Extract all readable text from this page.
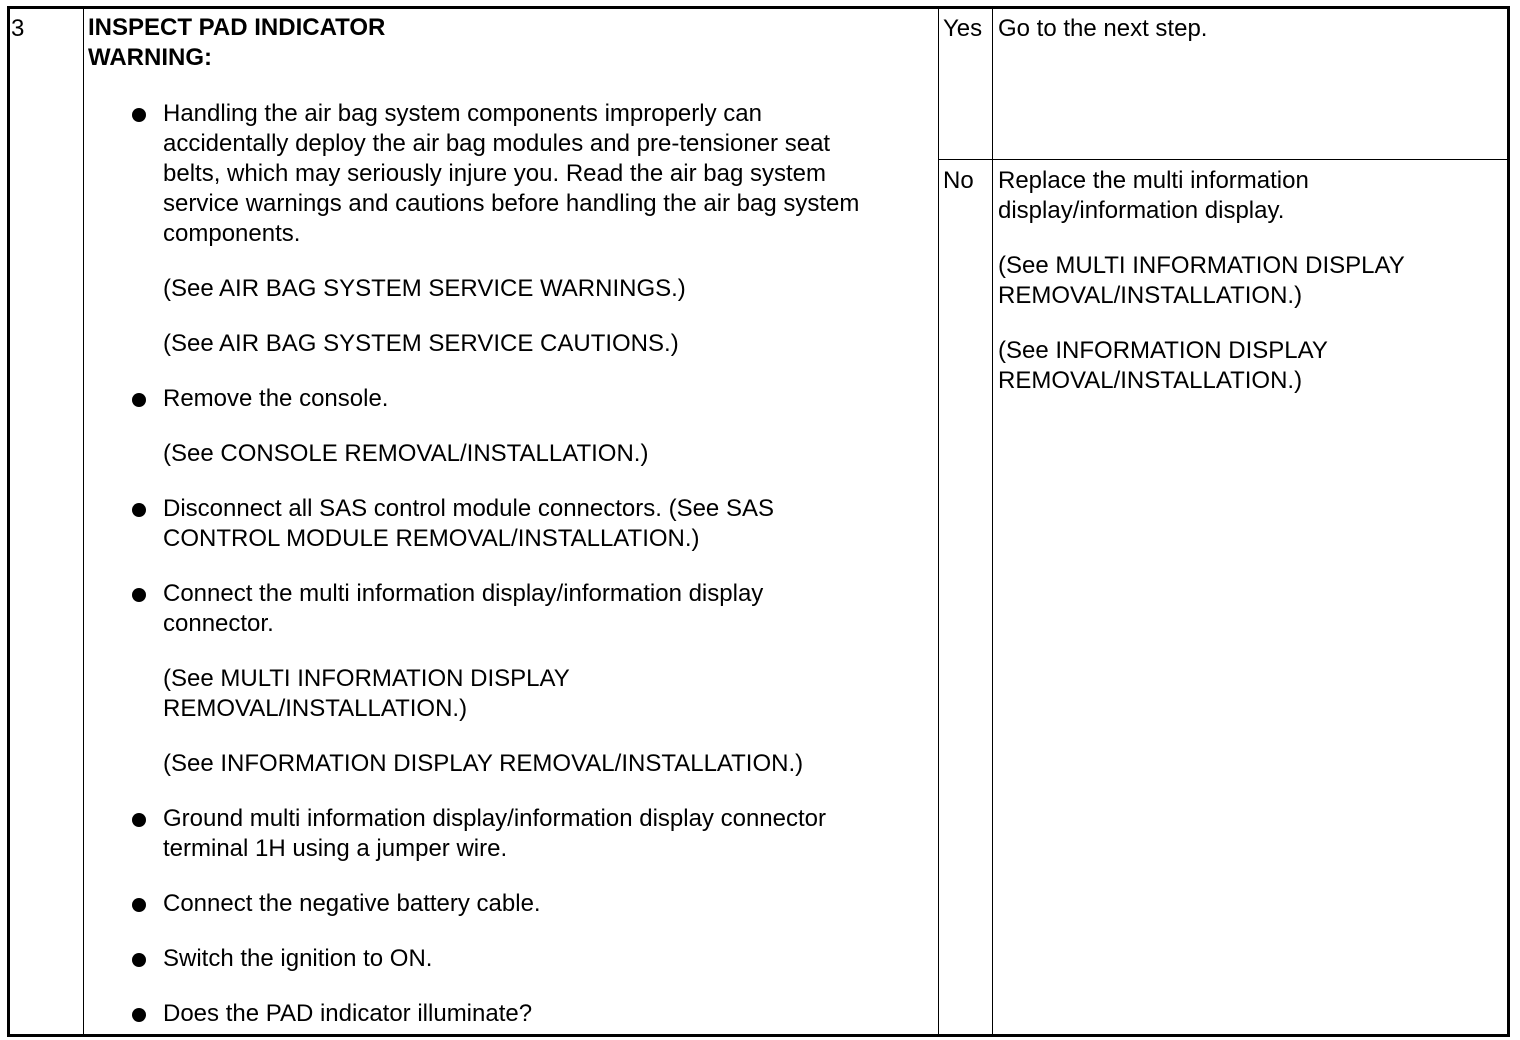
3	INSPECT PAD INDICATOR
WARNING:
Handling the air bag system components improperly can
accidentally deploy the air bag modules and pre-tensioner seat
belts, which may seriously injure you. Read the air bag system
service warnings and cautions before handling the air bag system
components.
(See AIR BAG SYSTEM SERVICE WARNINGS.)
(See AIR BAG SYSTEM SERVICE CAUTIONS.)
Remove the console.
(See CONSOLE REMOVAL/INSTALLATION.)
Disconnect all SAS control module connectors. (See SAS
CONTROL MODULE REMOVAL/INSTALLATION.)
Connect the multi information display/information display
connector.
(See MULTI INFORMATION DISPLAY
REMOVAL/INSTALLATION.)
(See INFORMATION DISPLAY REMOVAL/INSTALLATION.)
Ground multi information display/information display connector
terminal 1H using a jumper wire.
Connect the negative battery cable.
Switch the ignition to ON.
Does the PAD indicator illuminate?
Yes Go to the next step.
No Replace the multi information
display/information display.
(See MULTI INFORMATION DISPLAY
REMOVAL/INSTALLATION.)
(See INFORMATION DISPLAY
REMOVAL/INSTALLATION.)
